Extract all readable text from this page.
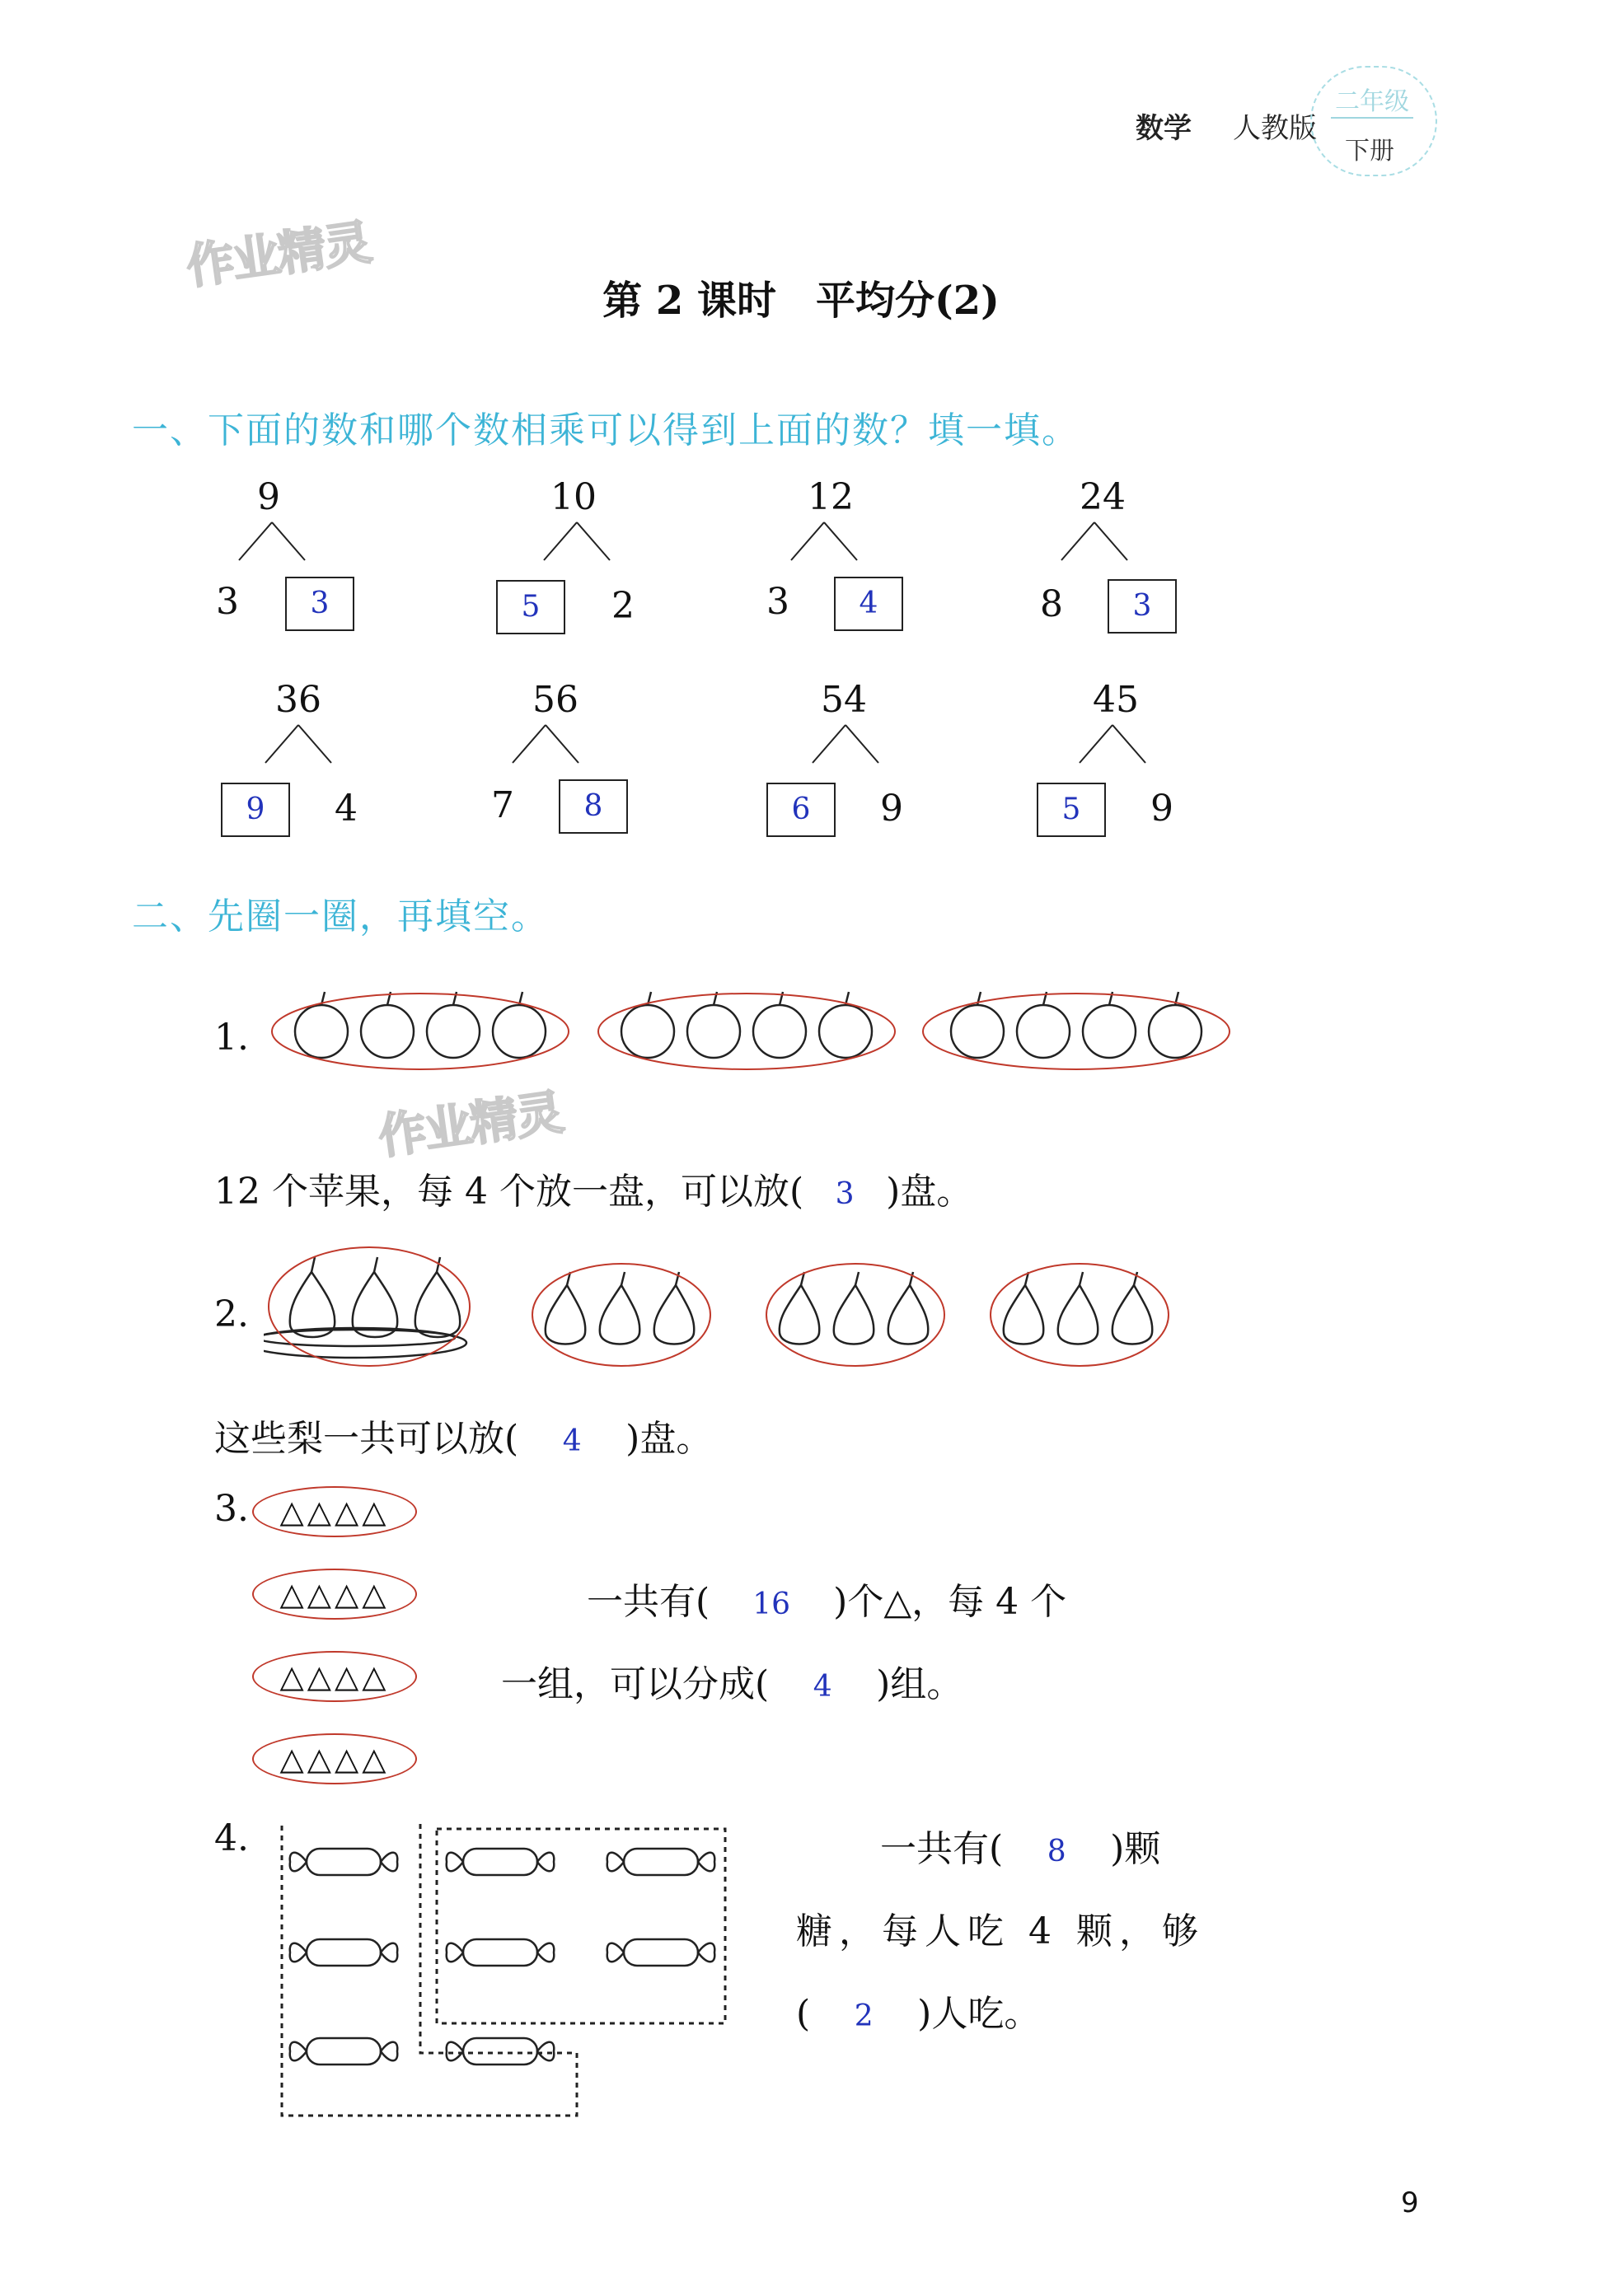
数学 人教版
二年级
下册
作业精灵
作业精灵
第 2 课时　平均分(2)
一、下面的数和哪个数相乘可以得到上面的数？填一填。
9
3	3
10
5	2
12
3	4
24
8	3
36
9	4
56
7	8
54
6	9
45
5	9
二、先圈一圈，再填空。
1.
12 个苹果，每 4 个放一盘，可以放( 3 )盘。
2.
这些梨一共可以放( 4 )盘。
3. △△△△
△△△△
△△△△
△△△△
一共有( 16 )个△，每 4 个
一组，可以分成( 4 )组。
4.	一共有( 8 )颗
糖，每人吃 4 颗，够
( 2 )人吃。
9
